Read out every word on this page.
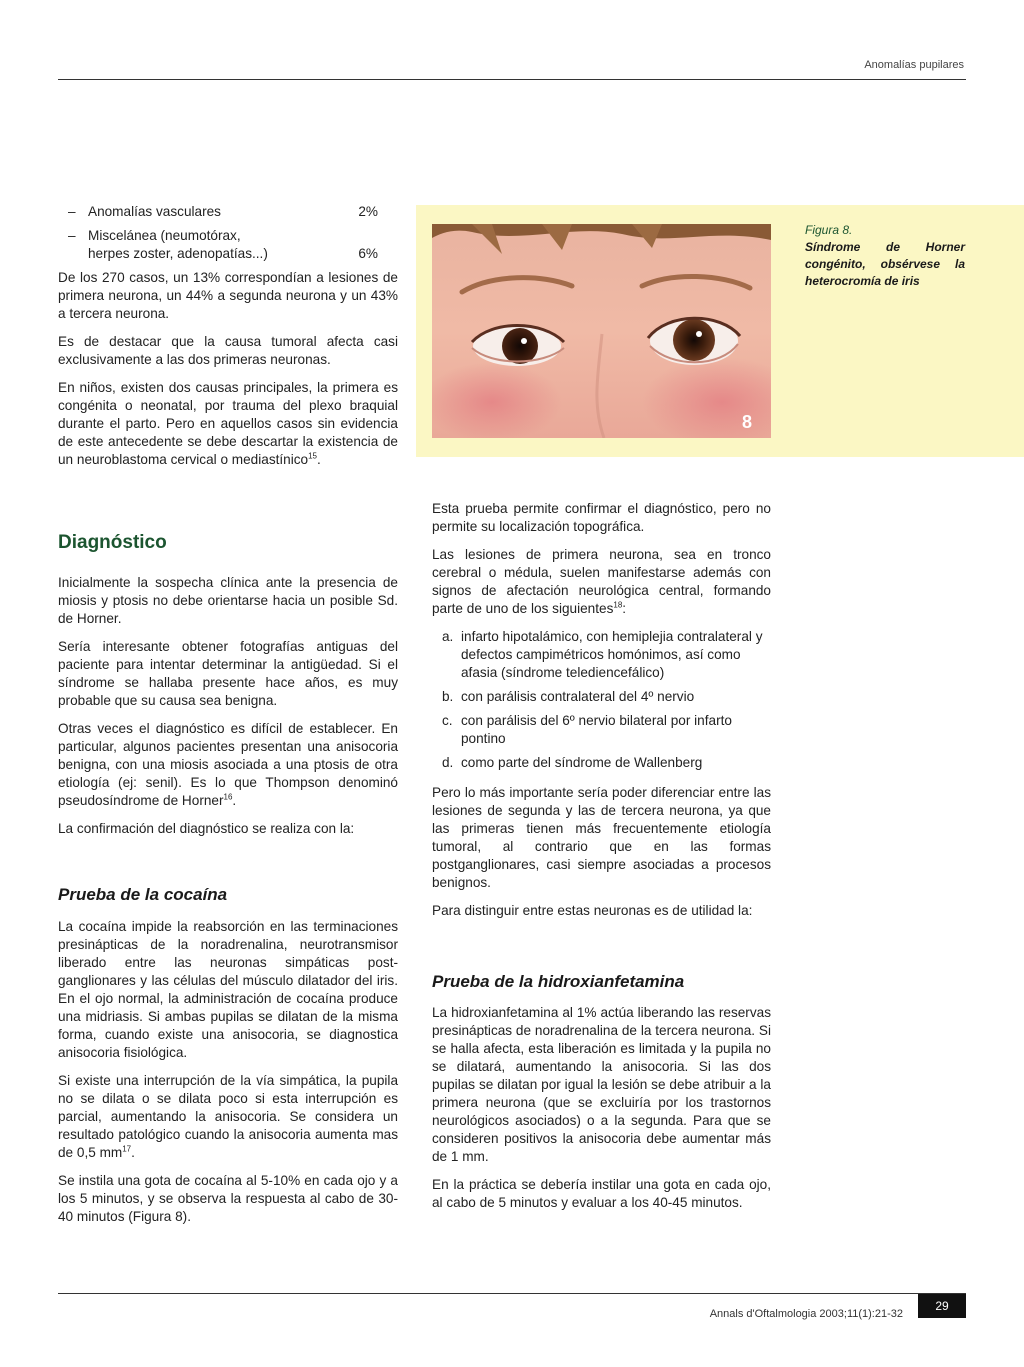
Anomalías pupilares
– Anomalías vasculares	2%
– Miscelánea (neumotórax,
herpes zoster, adenopatías...)	6%

De los 270 casos, un 13% correspondían a lesiones de primera neurona, un 44% a segunda neurona y un 43% a tercera neurona.

Es de destacar que la causa tumoral afecta casi exclusivamente a las dos primeras neuronas.

En niños, existen dos causas principales, la primera es congénita o neonatal, por trauma del plexo braquial durante el parto. Pero en aquellos casos sin evidencia de este antecedente se debe descartar la existencia de un neuroblastoma cervical o mediastínico$^{15}$.

Diagnóstico

Inicialmente la sospecha clínica ante la presencia de miosis y ptosis no debe orientarse hacia un posible Sd. de Horner.

Sería interesante obtener fotografías antiguas del paciente para intentar determinar la antigüedad. Si el síndrome se hallaba presente hace años, es muy probable que su causa sea benigna.

Otras veces el diagnóstico es difícil de establecer. En particular, algunos pacientes presentan una anisocoria benigna, con una miosis asociada a una ptosis de otra etiología (ej: senil). Es lo que Thompson denominó pseudosíndrome de Horner$^{16}$.

La confirmación del diagnóstico se realiza con la:

Prueba de la cocaína

La cocaína impide la reabsorción en las terminaciones presinápticas de la noradrenalina, neurotransmisor liberado entre las neuronas simpáticas post-ganglionares y las células del músculo dilatador del iris. En el ojo normal, la administración de cocaína produce una midriasis. Si ambas pupilas se dilatan de la misma forma, cuando existe una anisocoria, se diagnostica anisocoria fisiológica.

Si existe una interrupción de la vía simpática, la pupila no se dilata o se dilata poco si esta interrupción es parcial, aumentando la anisocoria. Se considera un resultado patológico cuando la anisocoria aumenta mas de 0,5 $mm^{17}$.

Se instila una gota de cocaína al 5-10% en cada ojo y a los 5 minutos, y se observa la respuesta al cabo de 30-40 minutos (Figura 8).

8
Figura 8.
Síndrome de Horner congénito, obsérvese la heterocromía de iris

Esta prueba permite confirmar el diagnóstico, pero no permite su localización topográfica.

Las lesiones de primera neurona, sea en tronco cerebral o médula, suelen manifestarse además con signos de afectación neurológica central, formando parte de uno de los siguientes$^{18}$:

a. infarto hipotalámico, con hemiplejia contralateral y defectos campimétricos homónimos, así como afasia (síndrome telediencefálico)
b. con parálisis contralateral del 4º nervio
c. con parálisis del 6º nervio bilateral por infarto pontino
d. como parte del síndrome de Wallenberg

Pero lo más importante sería poder diferenciar entre las lesiones de segunda y las de tercera neurona, ya que las primeras tienen más frecuentemente etiología tumoral, al contrario que en las formas postganglionares, casi siempre asociadas a procesos benignos.

Para distinguir entre estas neuronas es de utilidad la:

Prueba de la hidroxianfetamina

La hidroxianfetamina al 1% actúa liberando las reservas presinápticas de noradrenalina de la tercera neurona. Si se halla afecta, esta liberación es limitada y la pupila no se dilatará, aumentando la anisocoria. Si las dos pupilas se dilatan por igual la lesión se debe atribuir a la primera neurona (que se excluiría por los trastornos neurológicos asociados) o a la segunda. Para que se consideren positivos la anisocoria debe aumentar más de 1 mm.

En la práctica se debería instilar una gota en cada ojo, al cabo de 5 minutos y evaluar a los 40-45 minutos.

Annals d'Oftalmologia 2003;11(1):21-32
29
